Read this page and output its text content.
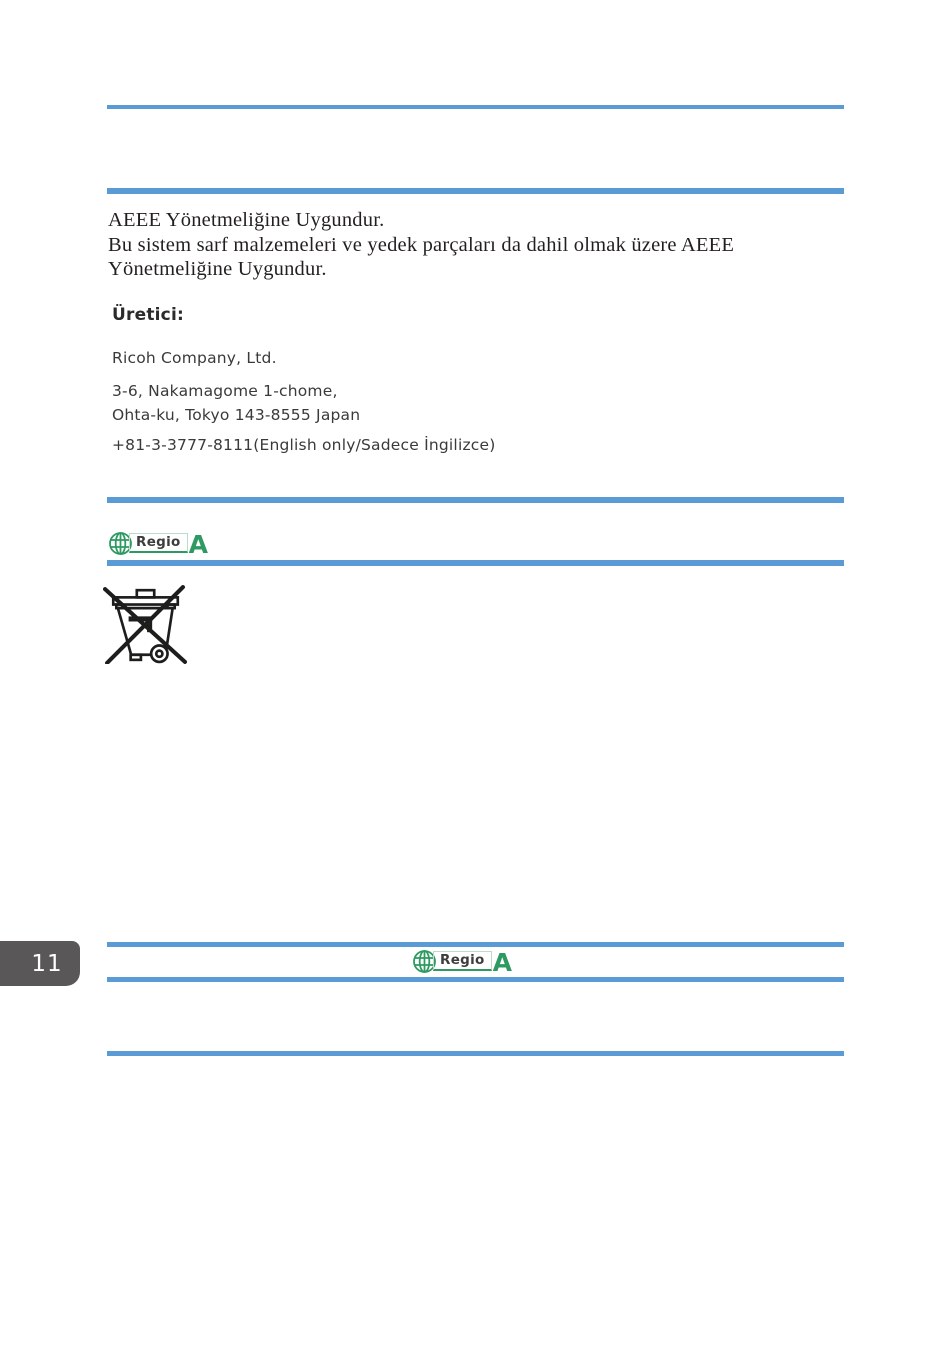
AEEE Yönetmeliğine Uygundur.
Bu sistem sarf malzemeleri ve yedek parçaları da dahil olmak üzere AEEE
Yönetmeliğine Uygundur.
Üretici:
Ricoh Company, Ltd.
3-6, Nakamagome 1-chome,
Ohta-ku, Tokyo 143-8555 Japan
+81-3-3777-8111(English only/Sadece İngilizce)
Regio A
Regio A
11
